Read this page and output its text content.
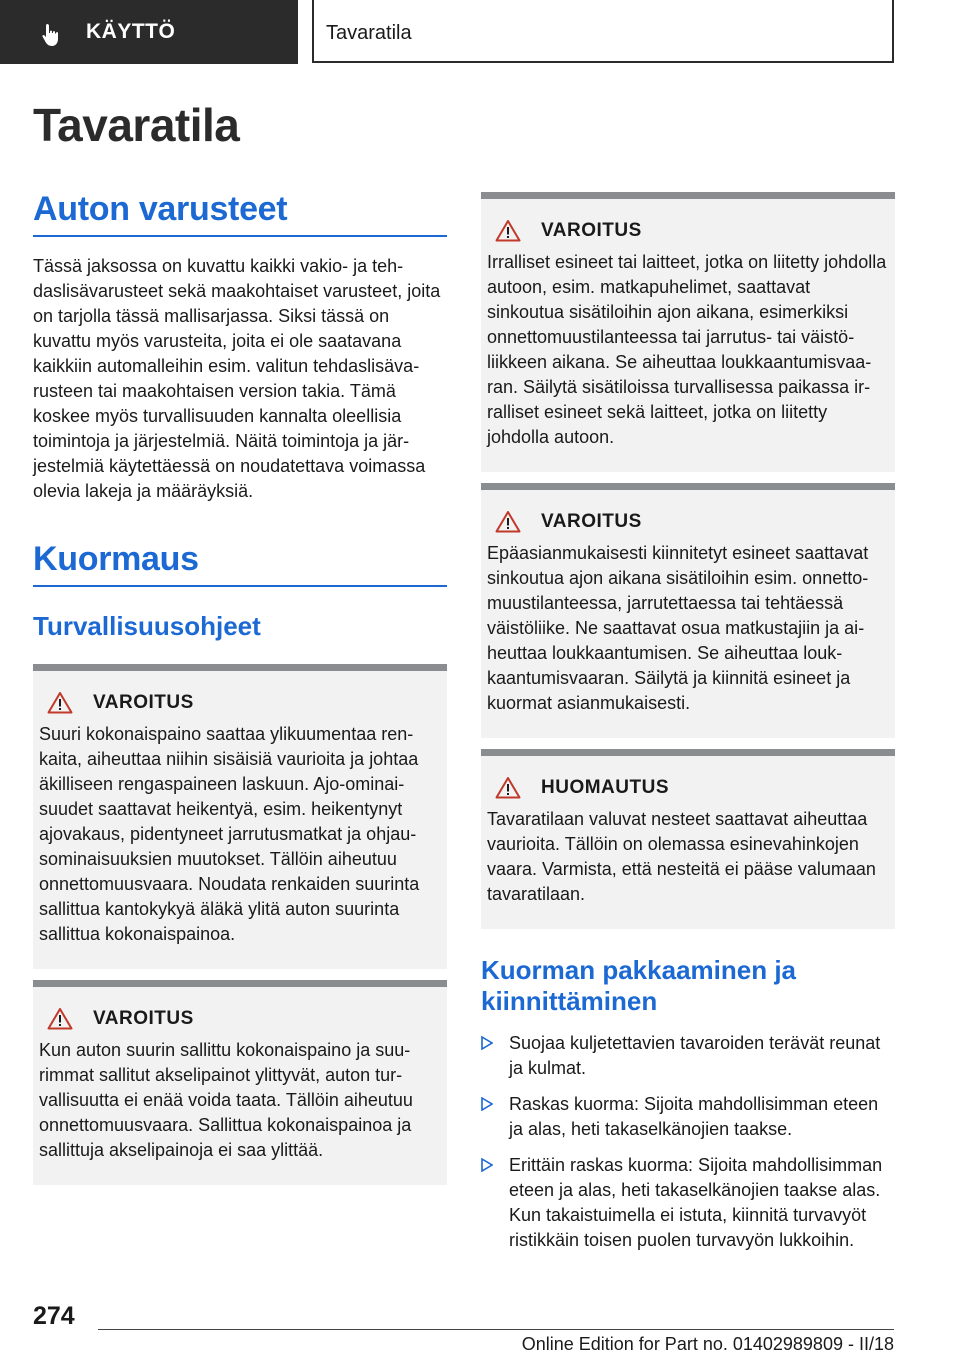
KÄYTTÖ	Tavaratila
Tavaratila
Auton varusteet

Tässä jaksossa on kuvattu kaikki vakio- ja tehdaslisävarusteet sekä maakohtaiset varusteet, joita on tarjolla tässä mallisarjassa. Siksi tässä on kuvattu myös varusteita, joita ei ole saatavana kaikkiin automalleihin esim. valitun tehdaslisävarusteen tai maakohtaisen version takia. Tämä koskee myös turvallisuuden kannalta oleellisia toimintoja ja järjestelmiä. Näitä toimintoja ja järjestelmiä käytettäessä on noudatettava voimassa olevia lakeja ja määräyksiä.

Kuormaus
Turvallisuusohjeet
VAROITUS

Suuri kokonaispaino saattaa ylikuumentaa renkaita, aiheuttaa niihin sisäisiä vaurioita ja johtaa äkilliseen rengaspaineen laskuun. Ajo-ominaisuudet saattavat heikentyä, esim. heikentynyt ajovakaus, pidentyneet jarrutusmatkat ja ohjausominaisuuksien muutokset. Tällöin aiheutuu onnettomuusvaara. Noudata renkaiden suurinta sallittua kantokykyä äläkä ylitä auton suurinta sallittua kokonaispainoa.

VAROITUS

Kun auton suurin sallittu kokonaispaino ja suurimmat sallitut akselipainot ylittyvät, auton turvallisuutta ei enää voida taata. Tällöin aiheutuu onnettomuusvaara. Sallittua kokonaispainoa ja sallittuja akselipainoja ei saa ylittää.

VAROITUS

Irralliset esineet tai laitteet, jotka on liitetty johdolla autoon, esim. matkapuhelimet, saattavat sinkoutua sisätiloihin ajon aikana, esimerkiksi onnettomuustilanteessa tai jarrutus- tai väistöliikkeen aikana. Se aiheuttaa loukkaantumisvaaran. Säilytä sisätiloissa turvallisessa paikassa irralliset esineet sekä laitteet, jotka on liitetty johdolla autoon.

VAROITUS

Epäasianmukaisesti kiinnitetyt esineet saattavat sinkoutua ajon aikana sisätiloihin esim. onnettomuustilanteessa, jarrutettaessa tai tehtäessä väistöliike. Ne saattavat osua matkustajiin ja aiheuttaa loukkaantumisen. Se aiheuttaa loukkaantumisvaaran. Säilytä ja kiinnitä esineet ja kuormat asianmukaisesti.

HUOMAUTUS

Tavaratilaan valuvat nesteet saattavat aiheuttaa vaurioita. Tällöin on olemassa esinevahinkojen vaara. Varmista, että nesteitä ei pääse valumaan tavaratilaan.

Kuorman pakkaaminen ja kiinnittäminen
Suojaa kuljetettavien tavaroiden terävät reunat ja kulmat.
Raskas kuorma: Sijoita mahdollisimman eteen ja alas, heti takaselkänojien taakse.
Erittäin raskas kuorma: Sijoita mahdollisimman eteen ja alas, heti takaselkänojien taakse alas. Kun takaistuimella ei istuta, kiinnitä turvavyöt ristikkäin toisen puolen turvavyön lukkoihin.
274
Online Edition for Part no. 01402989809 - II/18
